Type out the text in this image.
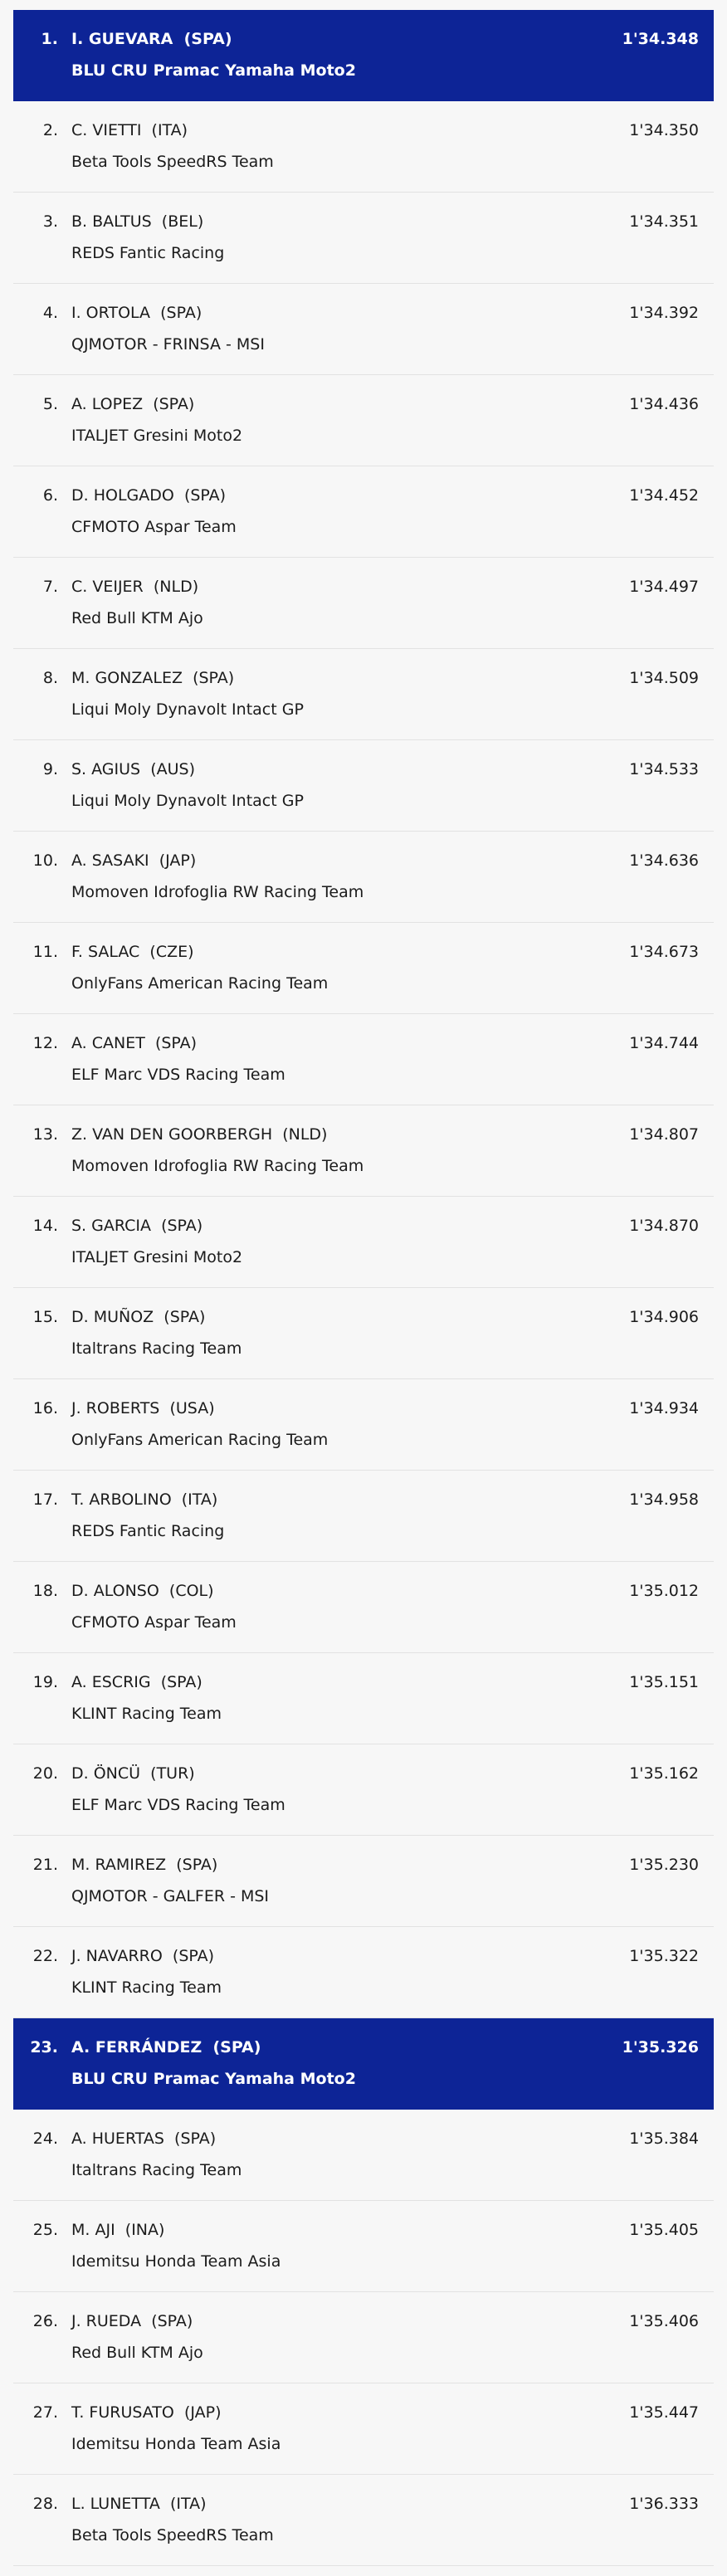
1. I. GUEVARA (SPA)
BLU CRU Pramac Yamaha Moto2
1'34.348
2. C. VIETTI (ITA)
Beta Tools SpeedRS Team
1'34.350
3. B. BALTUS (BEL)
REDS Fantic Racing
1'34.351
4. I. ORTOLA (SPA)
QJMOTOR - FRINSA - MSI
1'34.392
5. A. LOPEZ (SPA)
ITALJET Gresini Moto2
1'34.436
6. D. HOLGADO (SPA)
CFMOTO Aspar Team
1'34.452
7. C. VEIJER (NLD)
Red Bull KTM Ajo
1'34.497
8. M. GONZALEZ (SPA)
Liqui Moly Dynavolt Intact GP
1'34.509
9. S. AGIUS (AUS)
Liqui Moly Dynavolt Intact GP
1'34.533
10. A. SASAKI (JAP)
Momoven Idrofoglia RW Racing Team
1'34.636
11. F. SALAC (CZE)
OnlyFans American Racing Team
1'34.673
12. A. CANET (SPA)
ELF Marc VDS Racing Team
1'34.744
13. Z. VAN DEN GOORBERGH (NLD)
Momoven Idrofoglia RW Racing Team
1'34.807
14. S. GARCIA (SPA)
ITALJET Gresini Moto2
1'34.870
15. D. MUÑOZ (SPA)
Italtrans Racing Team
1'34.906
16. J. ROBERTS (USA)
OnlyFans American Racing Team
1'34.934
17. T. ARBOLINO (ITA)
REDS Fantic Racing
1'34.958
18. D. ALONSO (COL)
CFMOTO Aspar Team
1'35.012
19. A. ESCRIG (SPA)
KLINT Racing Team
1'35.151
20. D. ÖNCÜ (TUR)
ELF Marc VDS Racing Team
1'35.162
21. M. RAMIREZ (SPA)
QJMOTOR - GALFER - MSI
1'35.230
22. J. NAVARRO (SPA)
KLINT Racing Team
1'35.322
23. A. FERRÁNDEZ (SPA)
BLU CRU Pramac Yamaha Moto2
1'35.326
24. A. HUERTAS (SPA)
Italtrans Racing Team
1'35.384
25. M. AJI (INA)
Idemitsu Honda Team Asia
1'35.405
26. J. RUEDA (SPA)
Red Bull KTM Ajo
1'35.406
27. T. FURUSATO (JAP)
Idemitsu Honda Team Asia
1'35.447
28. L. LUNETTA (ITA)
Beta Tools SpeedRS Team
1'36.333
